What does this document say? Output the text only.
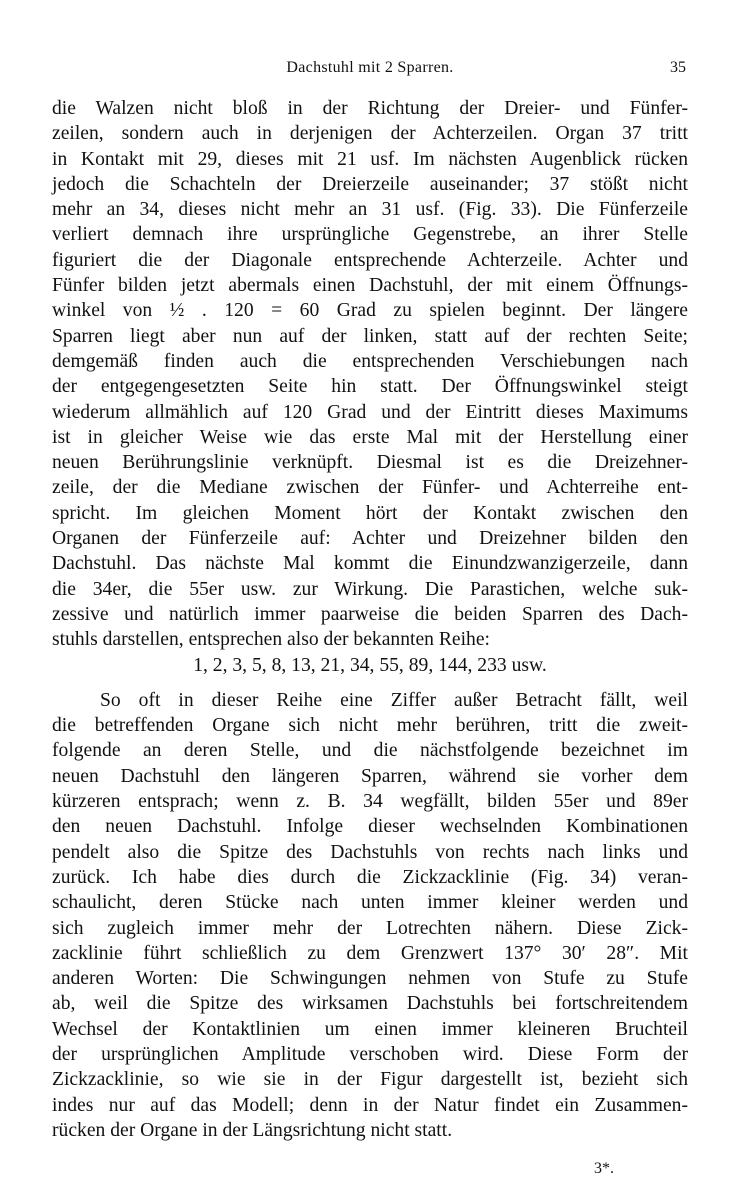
Dachstuhl mit 2 Sparren.	35
die Walzen nicht bloß in der Richtung der Dreier- und Fünfer-
zeilen, sondern auch in derjenigen der Achterzeilen. Organ 37 tritt
in Kontakt mit 29, dieses mit 21 usf. Im nächsten Augenblick rücken
jedoch die Schachteln der Dreierzeile auseinander; 37 stößt nicht
mehr an 34, dieses nicht mehr an 31 usf. (Fig. 33). Die Fünferzeile
verliert demnach ihre ursprüngliche Gegenstrebe, an ihrer Stelle
figuriert die der Diagonale entsprechende Achterzeile. Achter und
Fünfer bilden jetzt abermals einen Dachstuhl, der mit einem Öffnungs-
winkel von ½ . 120 = 60 Grad zu spielen beginnt. Der längere
Sparren liegt aber nun auf der linken, statt auf der rechten Seite;
demgemäß finden auch die entsprechenden Verschiebungen nach
der entgegengesetzten Seite hin statt. Der Öffnungswinkel steigt
wiederum allmählich auf 120 Grad und der Eintritt dieses Maximums
ist in gleicher Weise wie das erste Mal mit der Herstellung einer
neuen Berührungslinie verknüpft. Diesmal ist es die Dreizehner-
zeile, der die Mediane zwischen der Fünfer- und Achterreihe ent-
spricht. Im gleichen Moment hört der Kontakt zwischen den
Organen der Fünferzeile auf: Achter und Dreizehner bilden den
Dachstuhl. Das nächste Mal kommt die Einundzwanzigerzeile, dann
die 34er, die 55er usw. zur Wirkung. Die Parastichen, welche suk-
zessive und natürlich immer paarweise die beiden Sparren des Dach-
stuhls darstellen, entsprechen also der bekannten Reihe:
1, 2, 3, 5, 8, 13, 21, 34, 55, 89, 144, 233 usw.
So oft in dieser Reihe eine Ziffer außer Betracht fällt, weil
die betreffenden Organe sich nicht mehr berühren, tritt die zweit-
folgende an deren Stelle, und die nächstfolgende bezeichnet im
neuen Dachstuhl den längeren Sparren, während sie vorher dem
kürzeren entsprach; wenn z. B. 34 wegfällt, bilden 55er und 89er
den neuen Dachstuhl. Infolge dieser wechselnden Kombinationen
pendelt also die Spitze des Dachstuhls von rechts nach links und
zurück. Ich habe dies durch die Zickzacklinie (Fig. 34) veran-
schaulicht, deren Stücke nach unten immer kleiner werden und
sich zugleich immer mehr der Lotrechten nähern. Diese Zick-
zacklinie führt schließlich zu dem Grenzwert 137° 30′ 28″. Mit
anderen Worten: Die Schwingungen nehmen von Stufe zu Stufe
ab, weil die Spitze des wirksamen Dachstuhls bei fortschreitendem
Wechsel der Kontaktlinien um einen immer kleineren Bruchteil
der ursprünglichen Amplitude verschoben wird. Diese Form der
Zickzacklinie, so wie sie in der Figur dargestellt ist, bezieht sich
indes nur auf das Modell; denn in der Natur findet ein Zusammen-
rücken der Organe in der Längsrichtung nicht statt.
3*.
